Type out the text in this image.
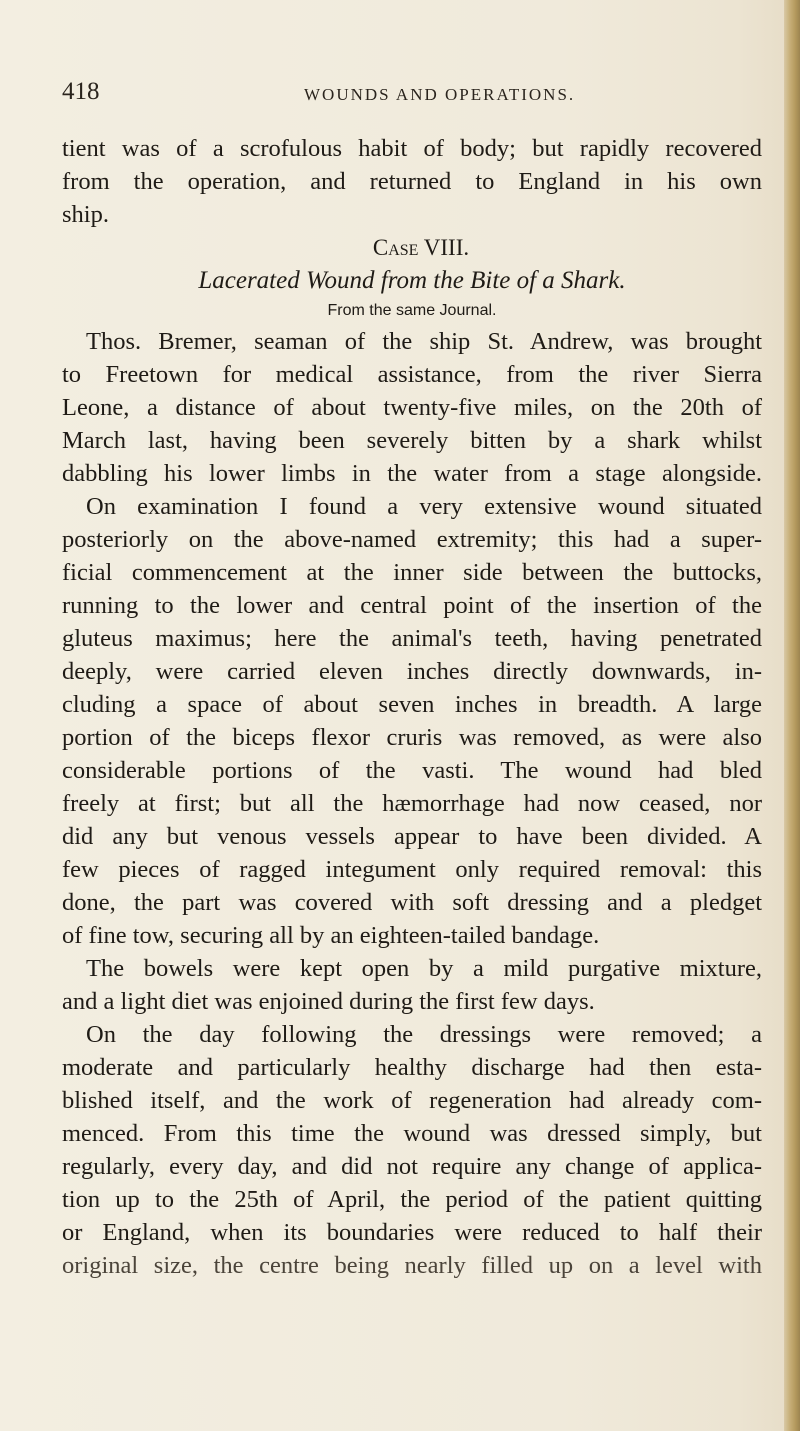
418	WOUNDS AND OPERATIONS.
tient was of a scrofulous habit of body; but rapidly recovered
from the operation, and returned to England in his own
ship.
Case VIII.
Lacerated Wound from the Bite of a Shark.
From the same Journal.
Thos. Bremer, seaman of the ship St. Andrew, was brought
to Freetown for medical assistance, from the river Sierra
Leone, a distance of about twenty-five miles, on the 20th of
March last, having been severely bitten by a shark whilst
dabbling his lower limbs in the water from a stage alongside.
On examination I found a very extensive wound situated
posteriorly on the above-named extremity; this had a super-
ficial commencement at the inner side between the buttocks,
running to the lower and central point of the insertion of the
gluteus maximus; here the animal's teeth, having penetrated
deeply, were carried eleven inches directly downwards, in-
cluding a space of about seven inches in breadth. A large
portion of the biceps flexor cruris was removed, as were also
considerable portions of the vasti. The wound had bled
freely at first; but all the hæmorrhage had now ceased, nor
did any but venous vessels appear to have been divided. A
few pieces of ragged integument only required removal: this
done, the part was covered with soft dressing and a pledget
of fine tow, securing all by an eighteen-tailed bandage.
The bowels were kept open by a mild purgative mixture,
and a light diet was enjoined during the first few days.
On the day following the dressings were removed; a
moderate and particularly healthy discharge had then esta-
blished itself, and the work of regeneration had already com-
menced. From this time the wound was dressed simply, but
regularly, every day, and did not require any change of applica-
tion up to the 25th of April, the period of the patient quitting
or England, when its boundaries were reduced to half their
original size, the centre being nearly filled up on a level with
